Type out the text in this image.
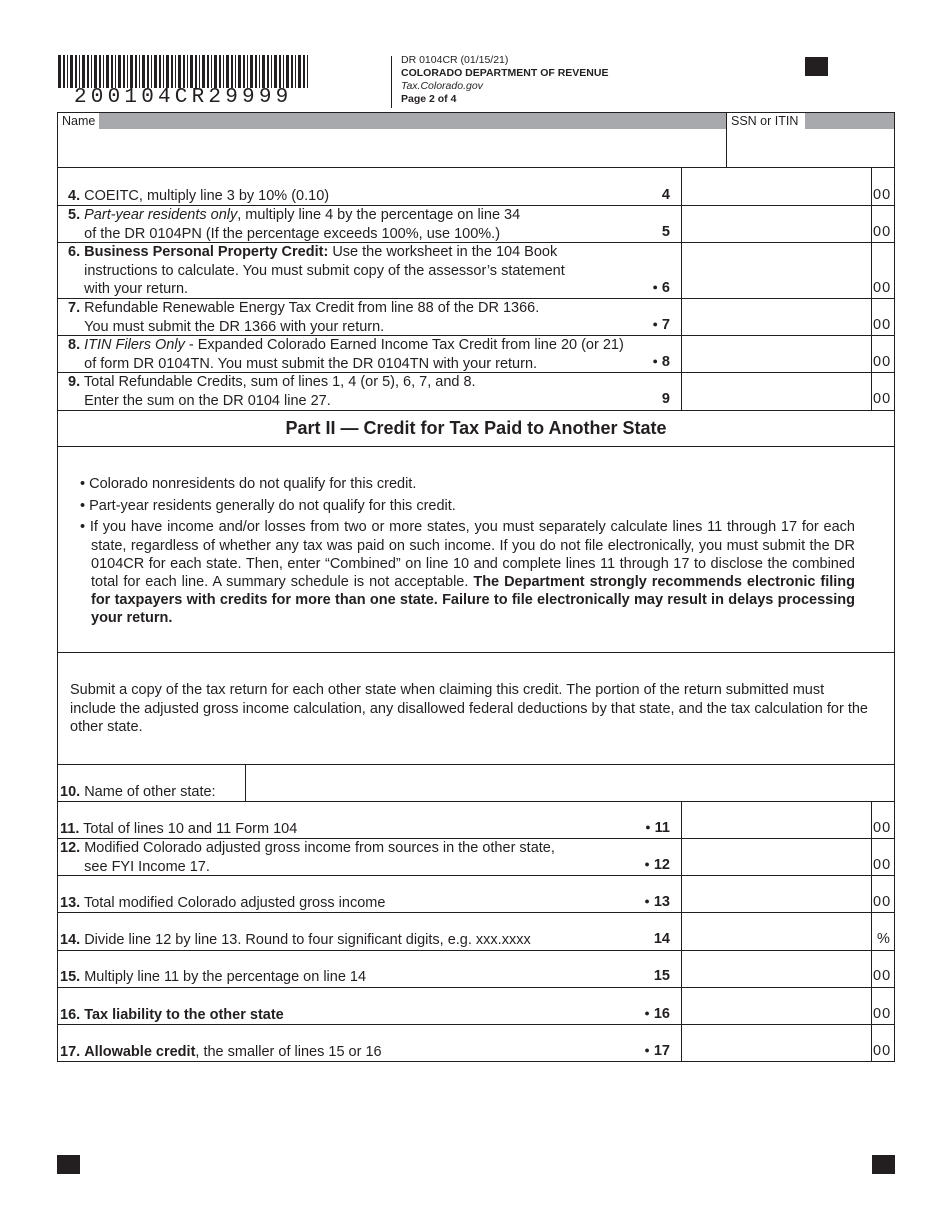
200104CR29999
DR 0104CR (01/15/21)
COLORADO DEPARTMENT OF REVENUE
Tax.Colorado.gov
Page 2 of 4
Name	SSN or ITIN
4. COEITC, multiply line 3 by 10% (0.10)	4	00
5. Part-year residents only, multiply line 4 by the percentage on line 34
of the DR 0104PN (If the percentage exceeds 100%, use 100%.)	5	00
6. Business Personal Property Credit: Use the worksheet in the 104 Book
instructions to calculate. You must submit copy of the assessor’s statement
with your return.	● 6	00
7. Refundable Renewable Energy Tax Credit from line 88 of the DR 1366.
You must submit the DR 1366 with your return.	● 7	00
8. ITIN Filers Only - Expanded Colorado Earned Income Tax Credit from line 20 (or 21)
of form DR 0104TN. You must submit the DR 0104TN with your return.	● 8	00
9. Total Refundable Credits, sum of lines 1, 4 (or 5), 6, 7, and 8.
Enter the sum on the DR 0104 line 27.	9	00
Part II — Credit for Tax Paid to Another State
• Colorado nonresidents do not qualify for this credit.
• Part-year residents generally do not qualify for this credit.
• If you have income and/or losses from two or more states, you must separately calculate lines 11 through 17 for each state, regardless of whether any tax was paid on such income. If you do not file electronically, you must submit the DR 0104CR for each state. Then, enter “Combined” on line 10 and complete lines 11 through 17 to disclose the combined total for each line. A summary schedule is not acceptable. The Department strongly recommends electronic filing for taxpayers with credits for more than one state. Failure to file electronically may result in delays processing your return.
Submit a copy of the tax return for each other state when claiming this credit. The portion of the return submitted must include the adjusted gross income calculation, any disallowed federal deductions by that state, and the tax calculation for the other state.
10. Name of other state:
11. Total of lines 10 and 11 Form 104	● 11	00
12. Modified Colorado adjusted gross income from sources in the other state,
see FYI Income 17.	● 12	00
13. Total modified Colorado adjusted gross income	● 13	00
14. Divide line 12 by line 13. Round to four significant digits, e.g. xxx.xxxx	14	%
15. Multiply line 11 by the percentage on line 14	15	00
16. Tax liability to the other state	● 16	00
17. Allowable credit, the smaller of lines 15 or 16	● 17	00
